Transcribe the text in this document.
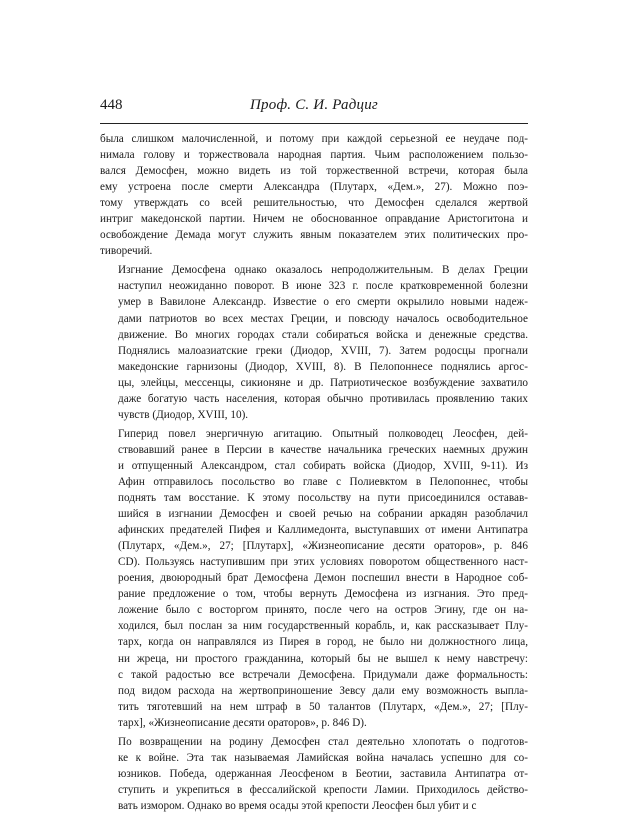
448	Проф. С. И. Радциг
была слишком малочисленной, и потому при каждой серьезной ее неудаче под-
нимала голову и торжествовала народная партия. Чьим расположением пользо-
вался Демосфен, можно видеть из той торжественной встречи, которая была
ему устроена после смерти Александра (Плутарх, «Дем.», 27). Можно поэ-
тому утверждать со всей решительностью, что Демосфен сделался жертвой
интриг македонской партии. Ничем не обоснованное оправдание Аристогитона и
освобождение Демада могут служить явным показателем этих политических про-
тиворечий.
Изгнание Демосфена однако оказалось непродолжительным. В делах Греции
наступил неожиданно поворот. В июне 323 г. после кратковременной болезни
умер в Вавилоне Александр. Известие о его смерти окрылило новыми надеж-
дами патриотов во всех местах Греции, и повсюду началось освободительное
движение. Во многих городах стали собираться войска и денежные средства.
Поднялись малоазиатские греки (Диодор, XVIII, 7). Затем родосцы прогнали
македонские гарнизоны (Диодор, XVIII, 8). В Пелопоннесе поднялись аргос-
цы, элейцы, мессенцы, сикионяне и др. Патриотическое возбуждение захватило
даже богатую часть населения, которая обычно противилась проявлению таких
чувств (Диодор, XVIII, 10).
Гиперид повел энергичную агитацию. Опытный полководец Леосфен, дей-
ствовавший ранее в Персии в качестве начальника греческих наемных дружин
и отпущенный Александром, стал собирать войска (Диодор, XVIII, 9-11). Из
Афин отправилось посольство во главе с Полиевктом в Пелопоннес, чтобы
поднять там восстание. К этому посольству на пути присоединился оставав-
шийся в изгнании Демосфен и своей речью на собрании аркадян разоблачил
афинских предателей Пифея и Каллимедонта, выступавших от имени Антипатра
(Плутарх, «Дем.», 27; [Плутарх], «Жизнеописание десяти ораторов», р. 846
CD). Пользуясь наступившим при этих условиях поворотом общественного наст-
роения, двоюродный брат Демосфена Демон поспешил внести в Народное соб-
рание предложение о том, чтобы вернуть Демосфена из изгнания. Это пред-
ложение было с восторгом принято, после чего на остров Эгину, где он на-
ходился, был послан за ним государственный корабль, и, как рассказывает Плу-
тарх, когда он направлялся из Пирея в город, не было ни должностного лица,
ни жреца, ни простого гражданина, который бы не вышел к нему навстречу:
с такой радостью все встречали Демосфена. Придумали даже формальность:
под видом расхода на жертвоприношение Зевсу дали ему возможность выпла-
тить тяготевший на нем штраф в 50 талантов (Плутарх, «Дем.», 27; [Плу-
тарх], «Жизнеописание десяти ораторов», р. 846 D).
По возвращении на родину Демосфен стал деятельно хлопотать о подготов-
ке к войне. Эта так называемая Ламийская война началась успешно для со-
юзников. Победа, одержанная Леосфеном в Беотии, заставила Антипатра от-
ступить и укрепиться в фессалийской крепости Ламии. Приходилось действо-
вать измором. Однако во время осады этой крепости Леосфен был убит и с
